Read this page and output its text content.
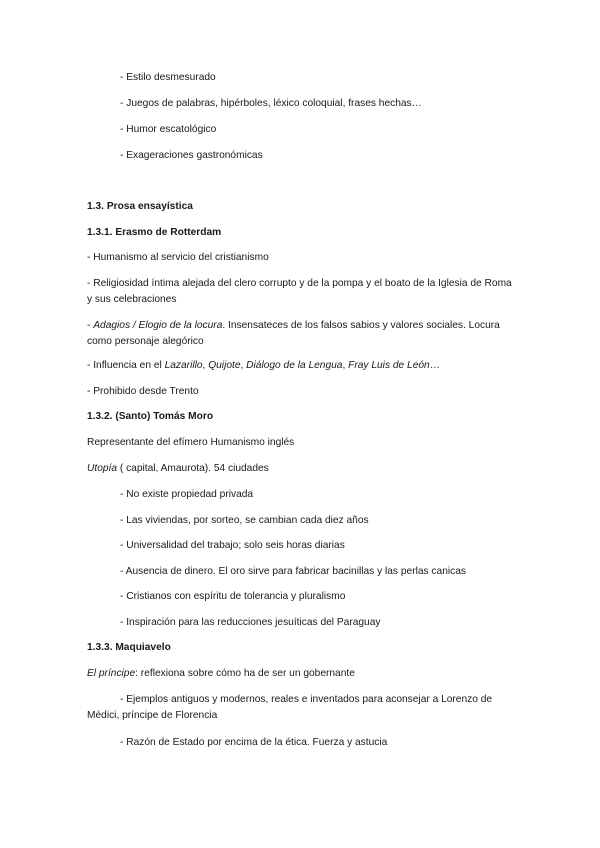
- Estilo desmesurado
- Juegos de palabras, hipérboles, léxico coloquial, frases hechas…
- Humor escatológico
- Exageraciones gastronómicas
1.3. Prosa ensayística
1.3.1. Erasmo de Rotterdam
- Humanismo al servicio del cristianismo
- Religiosidad íntima alejada del clero corrupto y de la pompa y el boato de la Iglesia de Roma y sus celebraciones
- Adagios / Elogio de la locura. Insensateces de los falsos sabios y valores sociales. Locura como personaje alegórico
- Influencia en el Lazarillo, Quijote, Diálogo de la Lengua, Fray Luis de León…
- Prohibido desde Trento
1.3.2. (Santo) Tomás Moro
Representante del efímero Humanismo inglés
Utopía ( capital, Amaurota). 54 ciudades
- No existe propiedad privada
- Las viviendas, por sorteo, se cambian cada diez años
- Universalidad del trabajo; solo seis horas diarias
- Ausencia de dinero. El oro sirve para fabricar bacinillas y las perlas canicas
- Cristianos con espíritu de tolerancia y pluralismo
- Inspiración para las reducciones jesuíticas del Paraguay
1.3.3. Maquiavelo
El príncipe: reflexiona sobre cómo ha de ser un gobernante
- Ejemplos antiguos y modernos, reales e inventados para aconsejar a Lorenzo de
Médici, príncipe de Florencia
- Razón de Estado por encima de la ética. Fuerza y astucia
